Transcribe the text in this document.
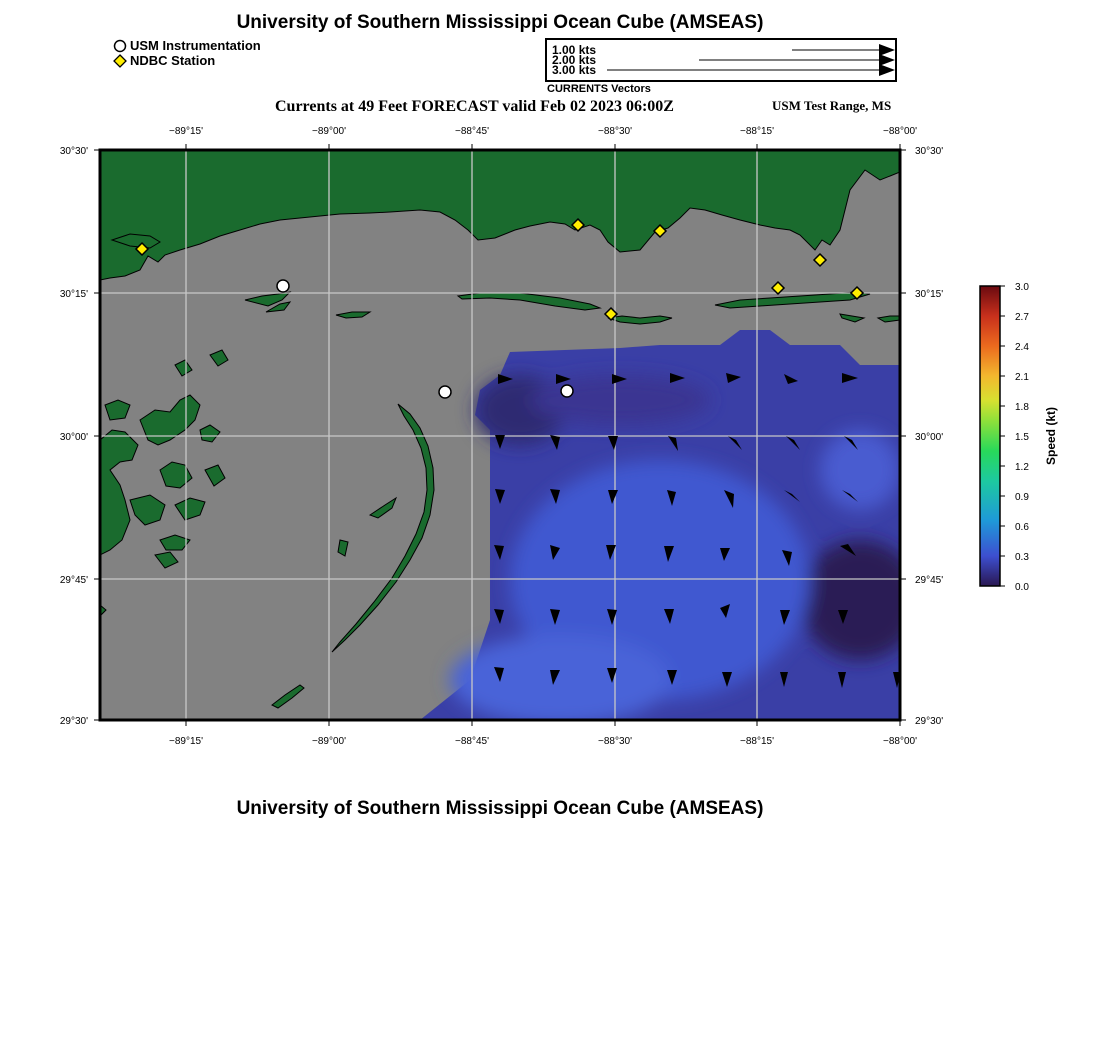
University of Southern Mississippi Ocean Cube (AMSEAS)
USM Instrumentation
NDBC Station
1.00 kts
2.00 kts
3.00 kts
CURRENTS Vectors
Currents at 49 Feet FORECAST valid Feb 02 2023 06:00Z	USM Test Range, MS
−89°15'	−89°00'	−88°45'	−88°30'	−88°15'	−88°00'
−89°15'	−89°00'	−88°45'	−88°30'	−88°15'	−88°00'
30°30'
30°15'
30°00'
29°45'
29°30'
30°30'
30°15'
30°00'
29°45'
29°30'
3.0
2.7
2.4
2.1
1.8
1.5
1.2
0.9
0.6
0.3
0.0
Speed (kt)
University of Southern Mississippi Ocean Cube (AMSEAS)
